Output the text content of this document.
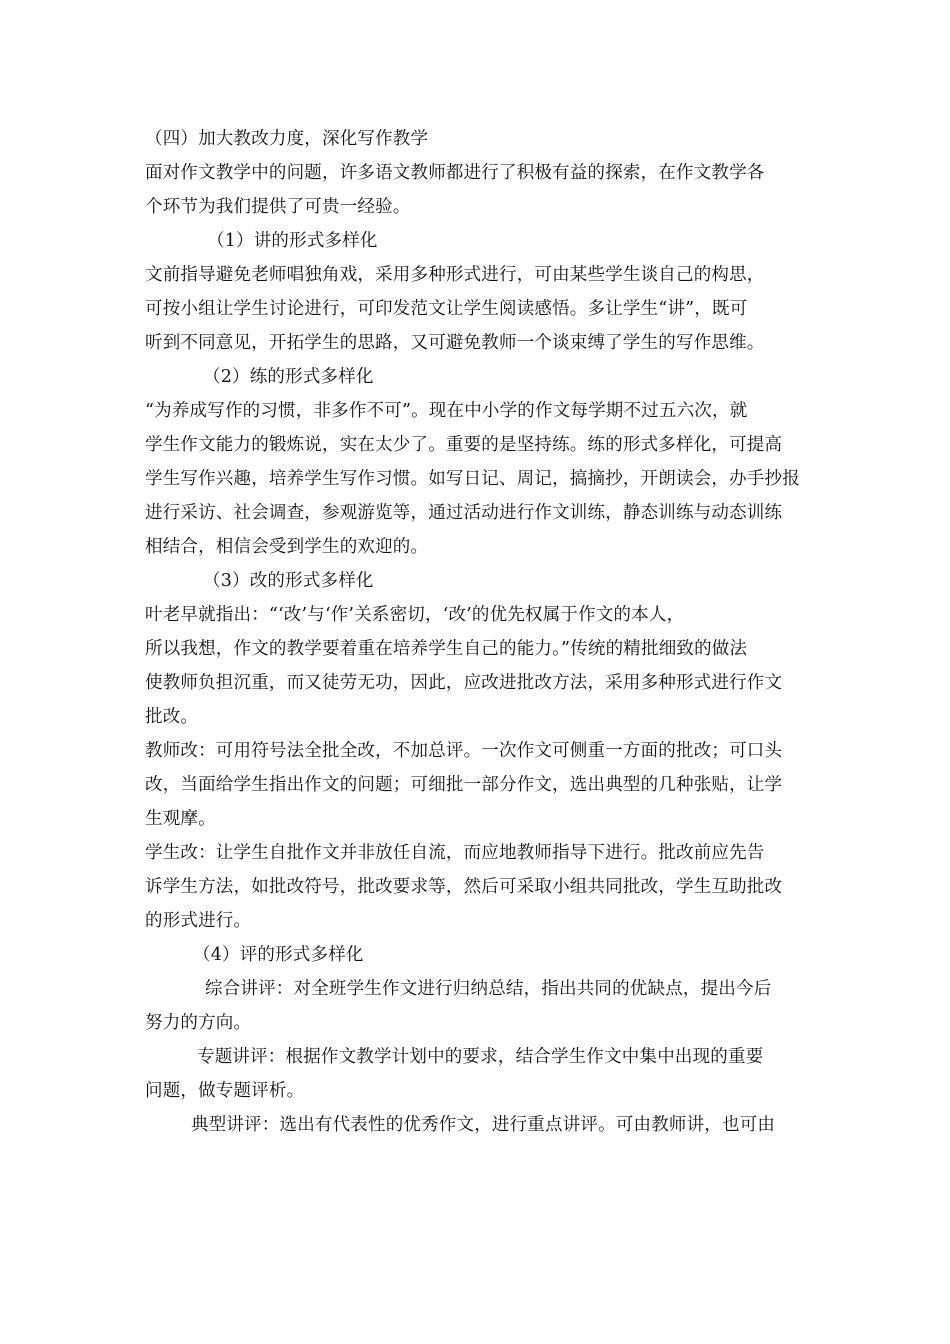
（四）加大教改力度，深化写作教学
面对作文教学中的问题，许多语文教师都进行了积极有益的探索，在作文教学各
个环节为我们提供了可贵一经验。
（1）讲的形式多样化
文前指导避免老师唱独角戏，采用多种形式进行，可由某些学生谈自己的构思，
可按小组让学生讨论进行，可印发范文让学生阅读感悟。多让学生“讲”，既可
听到不同意见，开拓学生的思路，又可避免教师一个谈束缚了学生的写作思维。
（2）练的形式多样化
“为养成写作的习惯，非多作不可”。现在中小学的作文每学期不过五六次，就
学生作文能力的锻炼说，实在太少了。重要的是坚持练。练的形式多样化，可提高
学生写作兴趣，培养学生写作习惯。如写日记、周记，搞摘抄，开朗读会，办手抄报
进行采访、社会调查，参观游览等，通过活动进行作文训练，静态训练与动态训练
相结合，相信会受到学生的欢迎的。
（3）改的形式多样化
叶老早就指出：“‘改’与‘作’关系密切，‘改’的优先权属于作文的本人，
所以我想，作文的教学要着重在培养学生自己的能力。”传统的精批细致的做法
使教师负担沉重，而又徒劳无功，因此，应改进批改方法，采用多种形式进行作文
批改。
教师改：可用符号法全批全改，不加总评。一次作文可侧重一方面的批改；可口头
改，当面给学生指出作文的问题；可细批一部分作文，选出典型的几种张贴，让学
生观摩。
学生改：让学生自批作文并非放任自流，而应地教师指导下进行。批改前应先告
诉学生方法，如批改符号，批改要求等，然后可采取小组共同批改，学生互助批改
的形式进行。
（4）评的形式多样化
综合讲评：对全班学生作文进行归纳总结，指出共同的优缺点，提出今后
努力的方向。
专题讲评：根据作文教学计划中的要求，结合学生作文中集中出现的重要
问题，做专题评析。
典型讲评：选出有代表性的优秀作文，进行重点讲评。可由教师讲，也可由
